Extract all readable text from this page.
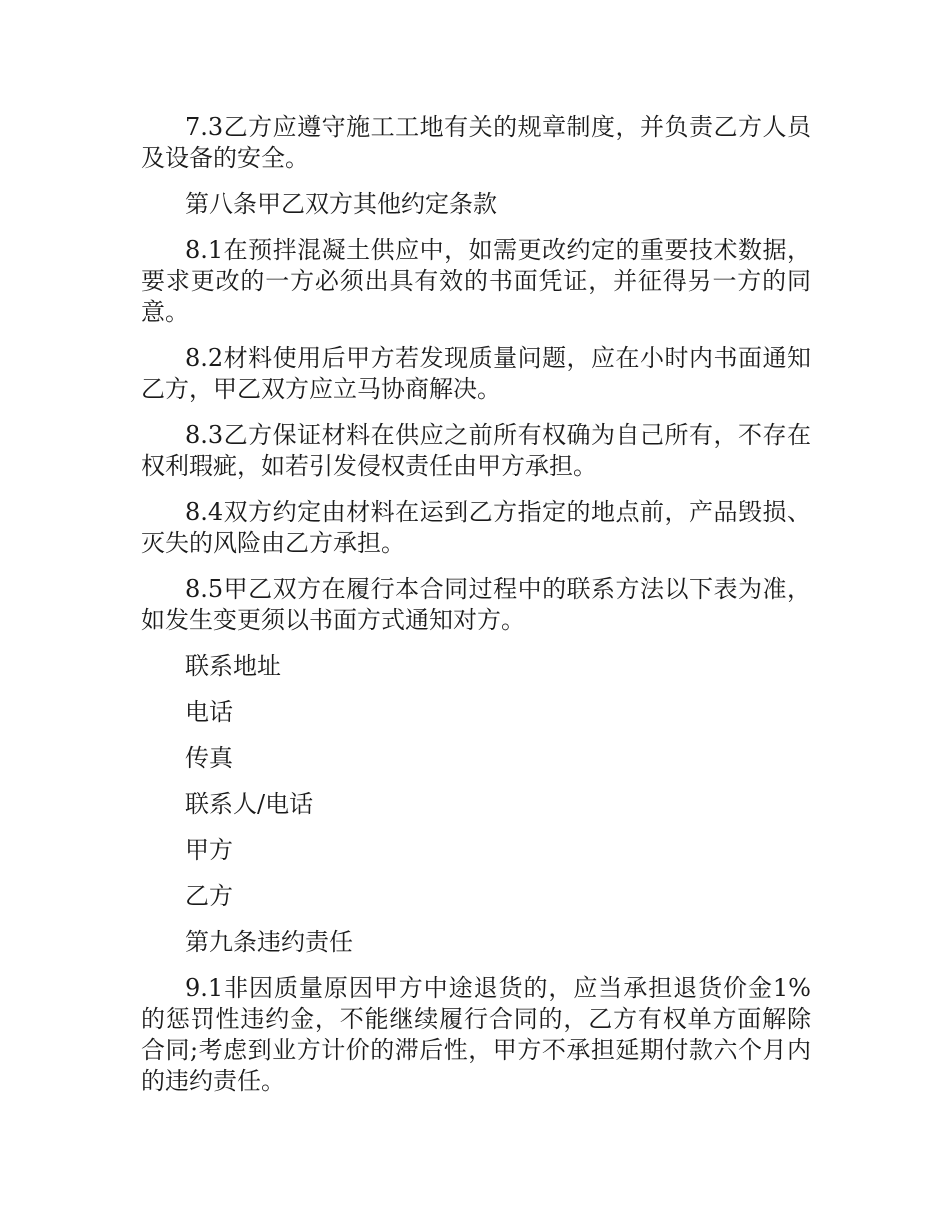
7.3乙方应遵守施工工地有关的规章制度，并负责乙方人员及设备的安全。

第八条甲乙双方其他约定条款

8.1在预拌混凝土供应中，如需更改约定的重要技术数据，要求更改的一方必须出具有效的书面凭证，并征得另一方的同意。

8.2材料使用后甲方若发现质量问题，应在小时内书面通知乙方，甲乙双方应立马协商解决。

8.3乙方保证材料在供应之前所有权确为自己所有，不存在权利瑕疵，如若引发侵权责任由甲方承担。

8.4双方约定由材料在运到乙方指定的地点前，产品毁损、灭失的风险由乙方承担。

8.5甲乙双方在履行本合同过程中的联系方法以下表为准，如发生变更须以书面方式通知对方。

联系地址

电话

传真

联系人/电话

甲方

乙方

第九条违约责任

9.1非因质量原因甲方中途退货的，应当承担退货价金1%的惩罚性违约金，不能继续履行合同的，乙方有权单方面解除合同;考虑到业方计价的滞后性，甲方不承担延期付款六个月内的违约责任。
